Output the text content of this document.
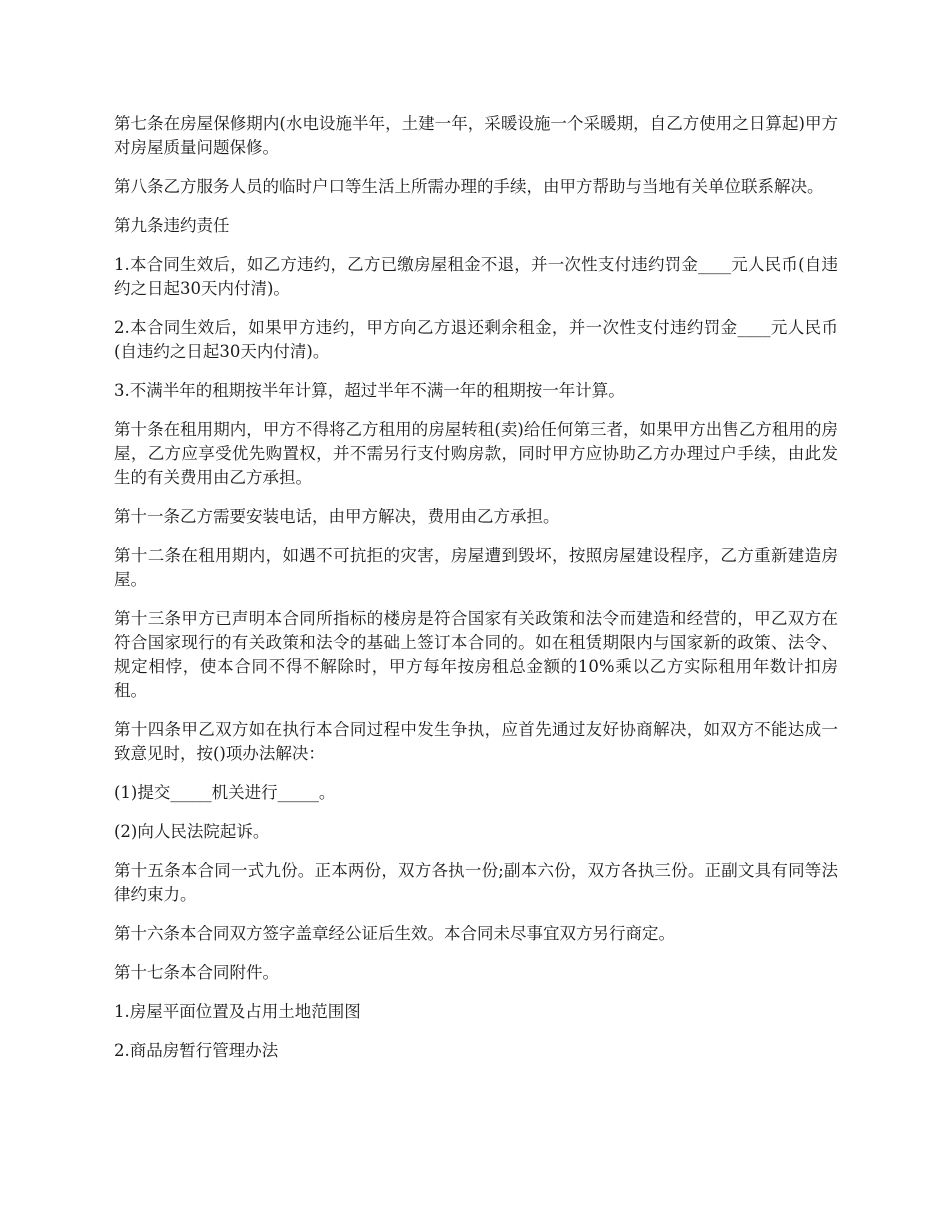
第七条在房屋保修期内(水电设施半年，土建一年，采暖设施一个采暖期，自乙方使用之日算起)甲方对房屋质量问题保修。

第八条乙方服务人员的临时户口等生活上所需办理的手续，由甲方帮助与当地有关单位联系解决。

第九条违约责任

1.本合同生效后，如乙方违约，乙方已缴房屋租金不退，并一次性支付违约罚金____元人民币(自违约之日起30天内付清)。

2.本合同生效后，如果甲方违约，甲方向乙方退还剩余租金，并一次性支付违约罚金____元人民币(自违约之日起30天内付清)。

3.不满半年的租期按半年计算，超过半年不满一年的租期按一年计算。

第十条在租用期内，甲方不得将乙方租用的房屋转租(卖)给任何第三者，如果甲方出售乙方租用的房屋，乙方应享受优先购置权，并不需另行支付购房款，同时甲方应协助乙方办理过户手续，由此发生的有关费用由乙方承担。

第十一条乙方需要安装电话，由甲方解决，费用由乙方承担。

第十二条在租用期内，如遇不可抗拒的灾害，房屋遭到毁坏，按照房屋建设程序，乙方重新建造房屋。

第十三条甲方已声明本合同所指标的楼房是符合国家有关政策和法令而建造和经营的，甲乙双方在符合国家现行的有关政策和法令的基础上签订本合同的。如在租赁期限内与国家新的政策、法令、规定相悖，使本合同不得不解除时，甲方每年按房租总金额的10%乘以乙方实际租用年数计扣房租。

第十四条甲乙双方如在执行本合同过程中发生争执，应首先通过友好协商解决，如双方不能达成一致意见时，按()项办法解决：

(1)提交_____机关进行_____。

(2)向人民法院起诉。

第十五条本合同一式九份。正本两份，双方各执一份;副本六份，双方各执三份。正副文具有同等法律约束力。

第十六条本合同双方签字盖章经公证后生效。本合同未尽事宜双方另行商定。

第十七条本合同附件。

1.房屋平面位置及占用土地范围图

2.商品房暂行管理办法
